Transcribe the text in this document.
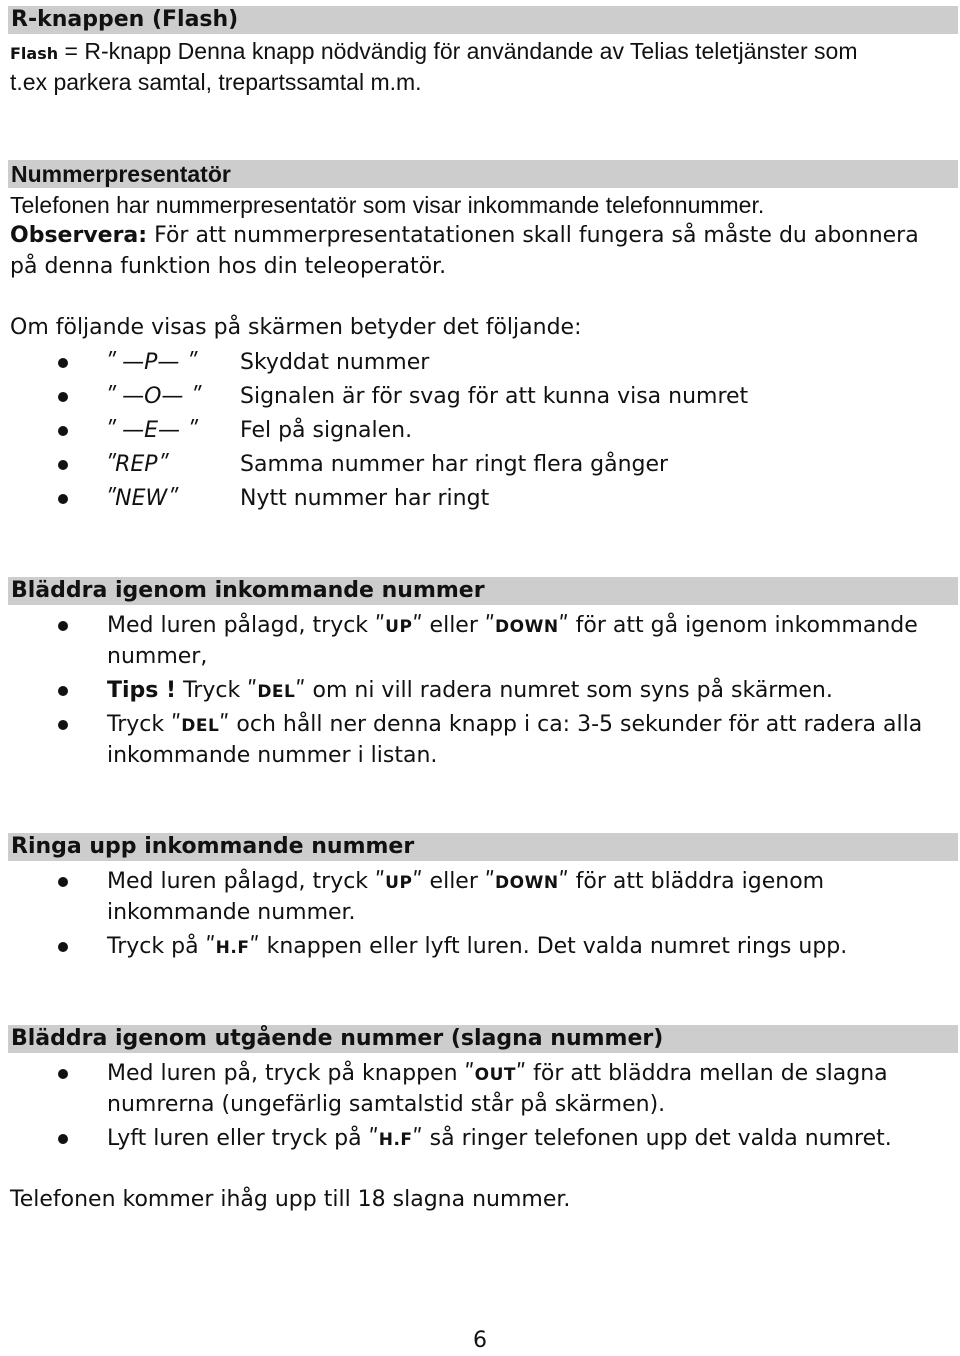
R-knappen (Flash)
Flash = R-knapp Denna knapp nödvändig för användande av Telias teletjänster som
t.ex parkera samtal, trepartssamtal m.m.
Nummerpresentatör
Telefonen har nummerpresentatör som visar inkommande telefonnummer.
Observera: För att nummerpresentatationen skall fungera så måste du abonnera
på denna funktion hos din teleoperatör.
Om följande visas på skärmen betyder det följande:
ʺ —P— ʺ Skyddat nummer
ʺ —O— ʺ Signalen är för svag för att kunna visa numret
ʺ —E— ʺ Fel på signalen.
ʺREPʺ	Samma nummer har ringt flera gånger
ʺNEWʺ	Nytt nummer har ringt
Bläddra igenom inkommande nummer
Med luren pålagd, tryck ʺUPʺ eller ʺDOWNʺ för att gå igenom inkommande
nummer,
Tips ! Tryck ʺDELʺ om ni vill radera numret som syns på skärmen.
Tryck ʺDELʺ och håll ner denna knapp i ca: 3-5 sekunder för att radera alla
inkommande nummer i listan.
Ringa upp inkommande nummer
Med luren pålagd, tryck ʺUPʺ eller ʺDOWNʺ för att bläddra igenom
inkommande nummer.
Tryck på ʺH.Fʺ knappen eller lyft luren. Det valda numret rings upp.
Bläddra igenom utgående nummer (slagna nummer)
Med luren på, tryck på knappen ʺOUTʺ för att bläddra mellan de slagna
numrerna (ungefärlig samtalstid står på skärmen).
Lyft luren eller tryck på ʺH.Fʺ så ringer telefonen upp det valda numret.
Telefonen kommer ihåg upp till 18 slagna nummer.
6
